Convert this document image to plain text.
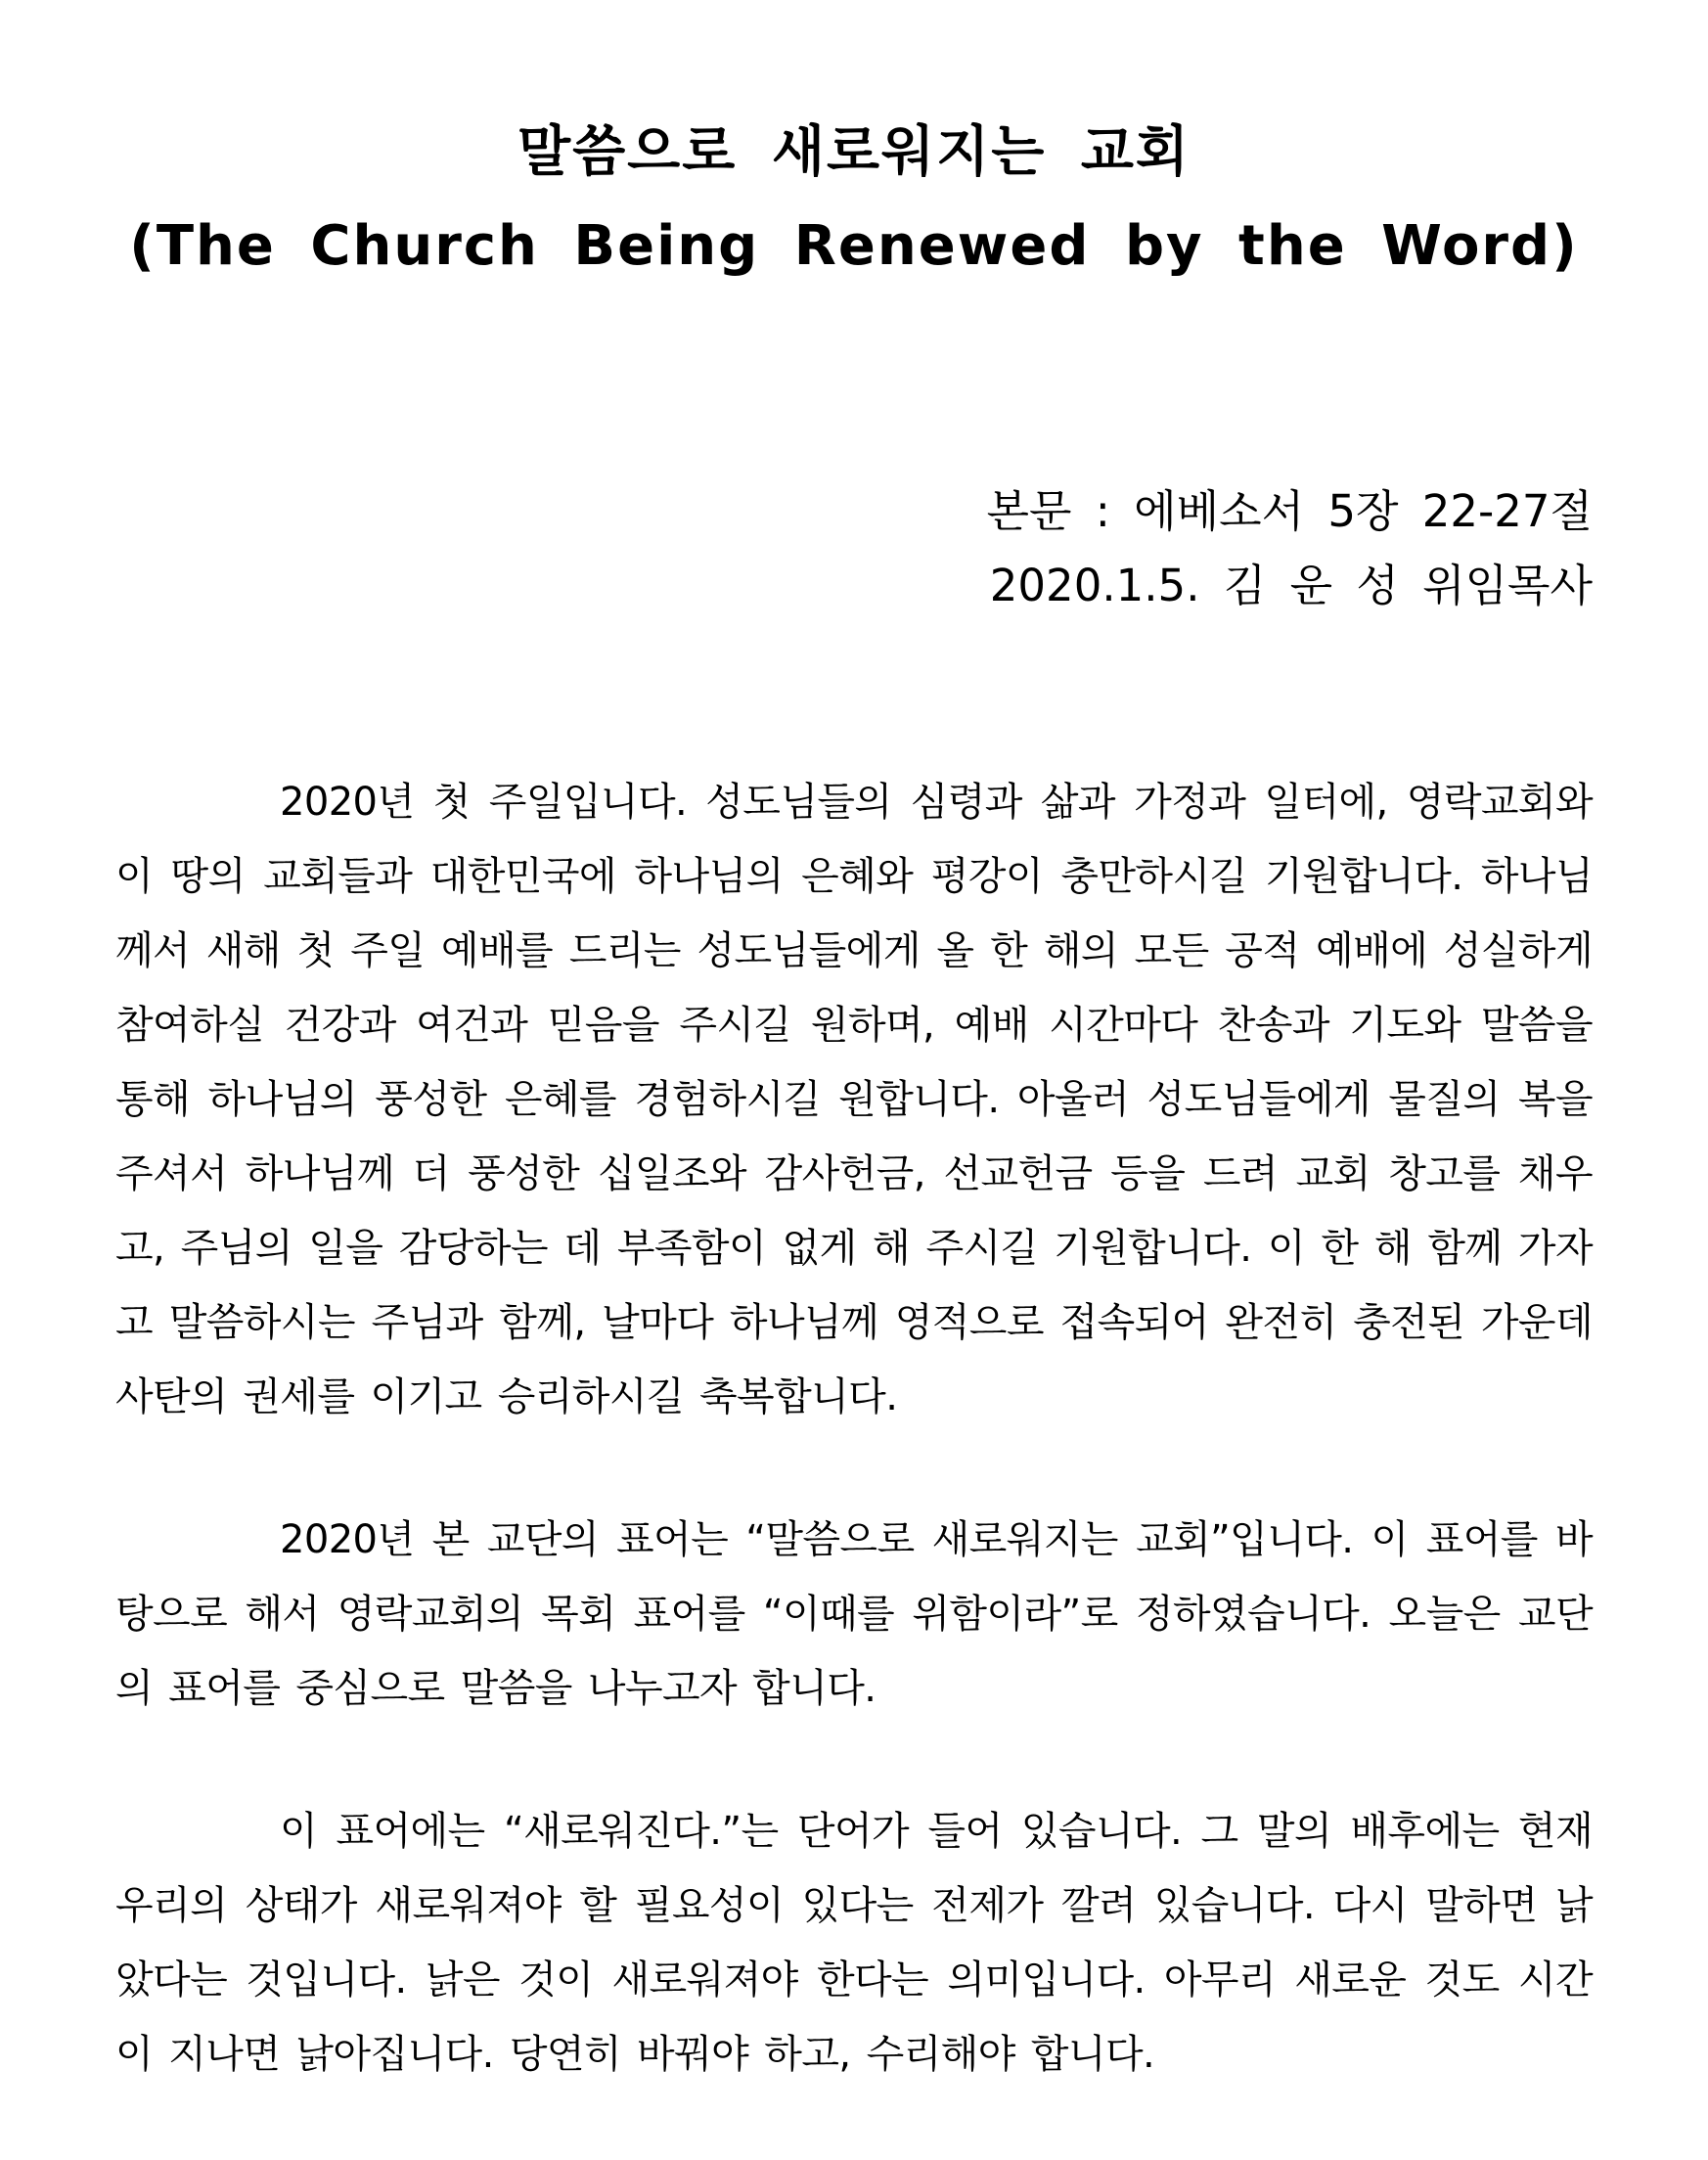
말씀으로 새로워지는 교회
(The Church Being Renewed by the Word)

본문 : 에베소서 5장 22-27절

2020.1.5. 김 운 성 위임목사

2020년 첫 주일입니다. 성도님들의 심령과 삶과 가정과 일터에, 영락교회와 이 땅의 교회들과 대한민국에 하나님의 은혜와 평강이 충만하시길 기원합니다. 하나님께서 새해 첫 주일 예배를 드리는 성도님들에게 올 한 해의 모든 공적 예배에 성실하게 참여하실 건강과 여건과 믿음을 주시길 원하며, 예배 시간마다 찬송과 기도와 말씀을 통해 하나님의 풍성한 은혜를 경험하시길 원합니다. 아울러 성도님들에게 물질의 복을 주셔서 하나님께 더 풍성한 십일조와 감사헌금, 선교헌금 등을 드려 교회 창고를 채우고, 주님의 일을 감당하는 데 부족함이 없게 해 주시길 기원합니다. 이 한 해 함께 가자고 말씀하시는 주님과 함께, 날마다 하나님께 영적으로 접속되어 완전히 충전된 가운데 사탄의 권세를 이기고 승리하시길 축복합니다.

2020년 본 교단의 표어는 “말씀으로 새로워지는 교회”입니다. 이 표어를 바탕으로 해서 영락교회의 목회 표어를 “이때를 위함이라”로 정하였습니다. 오늘은 교단의 표어를 중심으로 말씀을 나누고자 합니다.

이 표어에는 “새로워진다.”는 단어가 들어 있습니다. 그 말의 배후에는 현재 우리의 상태가 새로워져야 할 필요성이 있다는 전제가 깔려 있습니다. 다시 말하면 낡았다는 것입니다. 낡은 것이 새로워져야 한다는 의미입니다. 아무리 새로운 것도 시간이 지나면 낡아집니다. 당연히 바꿔야 하고, 수리해야 합니다.
